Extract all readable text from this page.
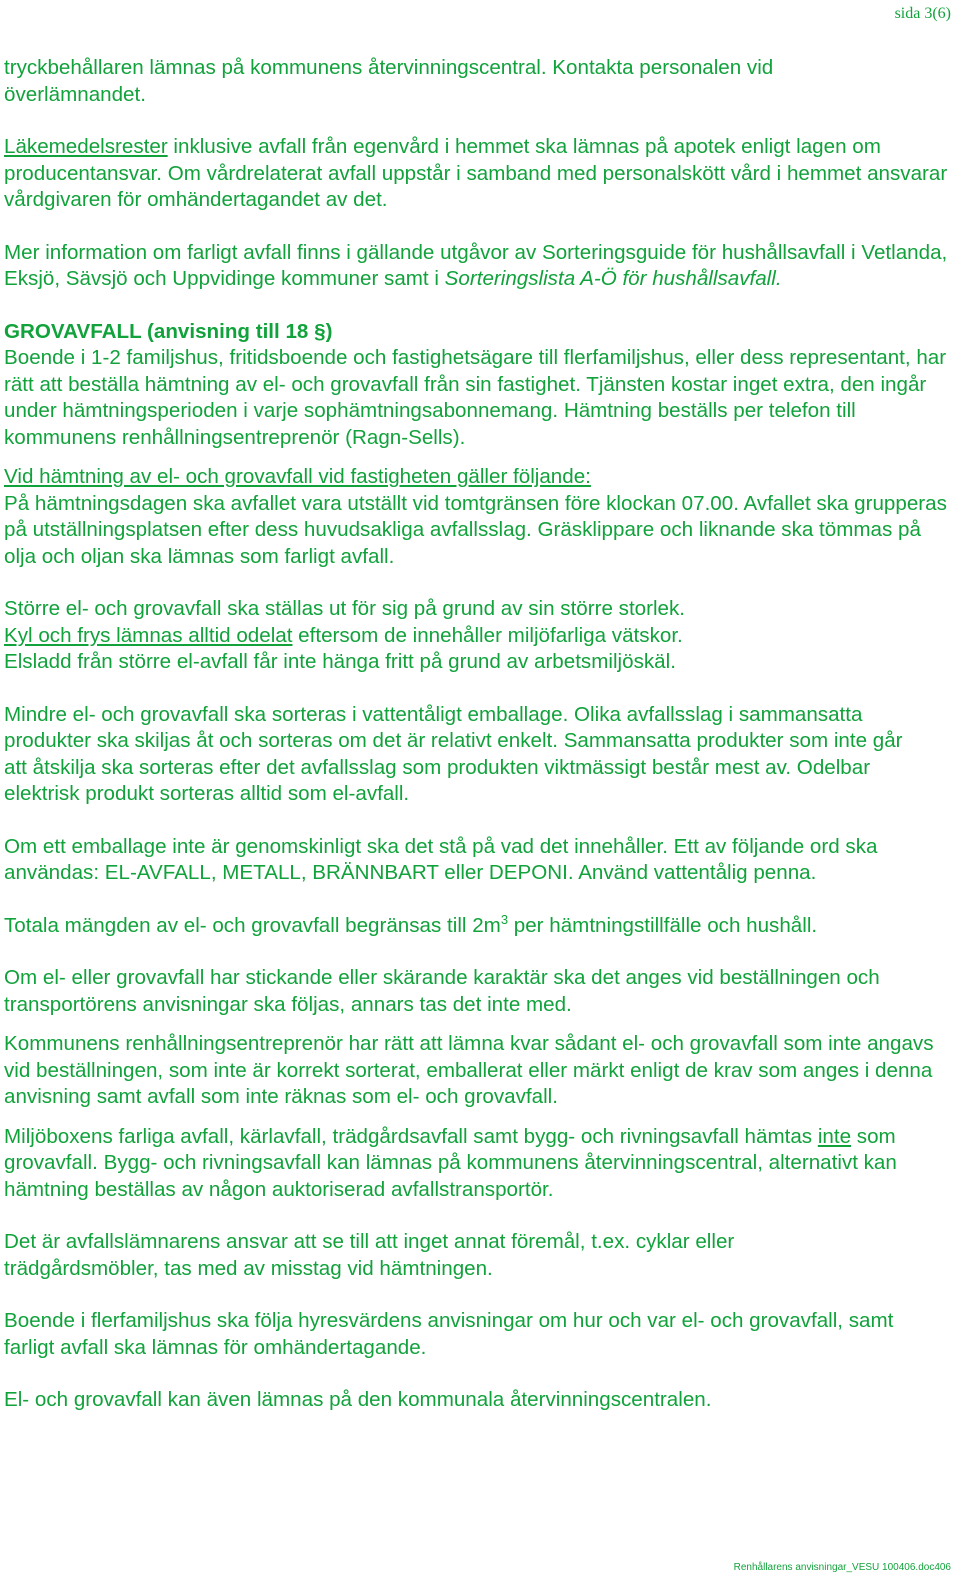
sida 3(6)

tryckbehållaren lämnas på kommunens återvinningscentral. Kontakta personalen vid överlämnandet.

Läkemedelsrester inklusive avfall från egenvård i hemmet ska lämnas på apotek enligt lagen om producentansvar. Om vårdrelaterat avfall uppstår i samband med personalskött vård i hemmet ansvarar vårdgivaren för omhändertagandet av det.

Mer information om farligt avfall finns i gällande utgåvor av Sorteringsguide för hushållsavfall i Vetlanda, Eksjö, Sävsjö och Uppvidinge kommuner samt i Sorteringslista A-Ö för hushållsavfall.

GROVAVFALL (anvisning till 18 §)

Boende i 1-2 familjshus, fritidsboende och fastighetsägare till flerfamiljshus, eller dess representant, har rätt att beställa hämtning av el- och grovavfall från sin fastighet. Tjänsten kostar inget extra, den ingår under hämtningsperioden i varje sophämtningsabonnemang. Hämtning beställs per telefon till kommunens renhållningsentreprenör (Ragn-Sells).

Vid hämtning av el- och grovavfall vid fastigheten gäller följande:

På hämtningsdagen ska avfallet vara utställt vid tomtgränsen före klockan 07.00. Avfallet ska grupperas på utställningsplatsen efter dess huvudsakliga avfallsslag. Gräsklippare och liknande ska tömmas på olja och oljan ska lämnas som farligt avfall.

Större el- och grovavfall ska ställas ut för sig på grund av sin större storlek.
Kyl och frys lämnas alltid odelat eftersom de innehåller miljöfarliga vätskor.
Elsladd från större el-avfall får inte hänga fritt på grund av arbetsmiljöskäl.

Mindre el- och grovavfall ska sorteras i vattentåligt emballage. Olika avfallsslag i sammansatta produkter ska skiljas åt och sorteras om det är relativt enkelt. Sammansatta produkter som inte går att åtskilja ska sorteras efter det avfallsslag som produkten viktmässigt består mest av. Odelbar elektrisk produkt sorteras alltid som el-avfall.

Om ett emballage inte är genomskinligt ska det stå på vad det innehåller. Ett av följande ord ska användas: EL-AVFALL, METALL, BRÄNNBART eller DEPONI. Använd vattentålig penna.

Totala mängden av el- och grovavfall begränsas till $2m^3$ per hämtningstillfälle och hushåll.

Om el- eller grovavfall har stickande eller skärande karaktär ska det anges vid beställningen och transportörens anvisningar ska följas, annars tas det inte med.

Kommunens renhållningsentreprenör har rätt att lämna kvar sådant el- och grovavfall som inte angavs vid beställningen, som inte är korrekt sorterat, emballerat eller märkt enligt de krav som anges i denna anvisning samt avfall som inte räknas som el- och grovavfall.

Miljöboxens farliga avfall, kärlavfall, trädgårdsavfall samt bygg- och rivningsavfall hämtas inte som grovavfall. Bygg- och rivningsavfall kan lämnas på kommunens återvinningscentral, alternativt kan hämtning beställas av någon auktoriserad avfallstransportör.

Det är avfallslämnarens ansvar att se till att inget annat föremål, t.ex. cyklar eller trädgårdsmöbler, tas med av misstag vid hämtningen.

Boende i flerfamiljshus ska följa hyresvärdens anvisningar om hur och var el- och grovavfall, samt farligt avfall ska lämnas för omhändertagande.

El- och grovavfall kan även lämnas på den kommunala återvinningscentralen.

Renhållarens anvisningar_VESU 100406.doc406
